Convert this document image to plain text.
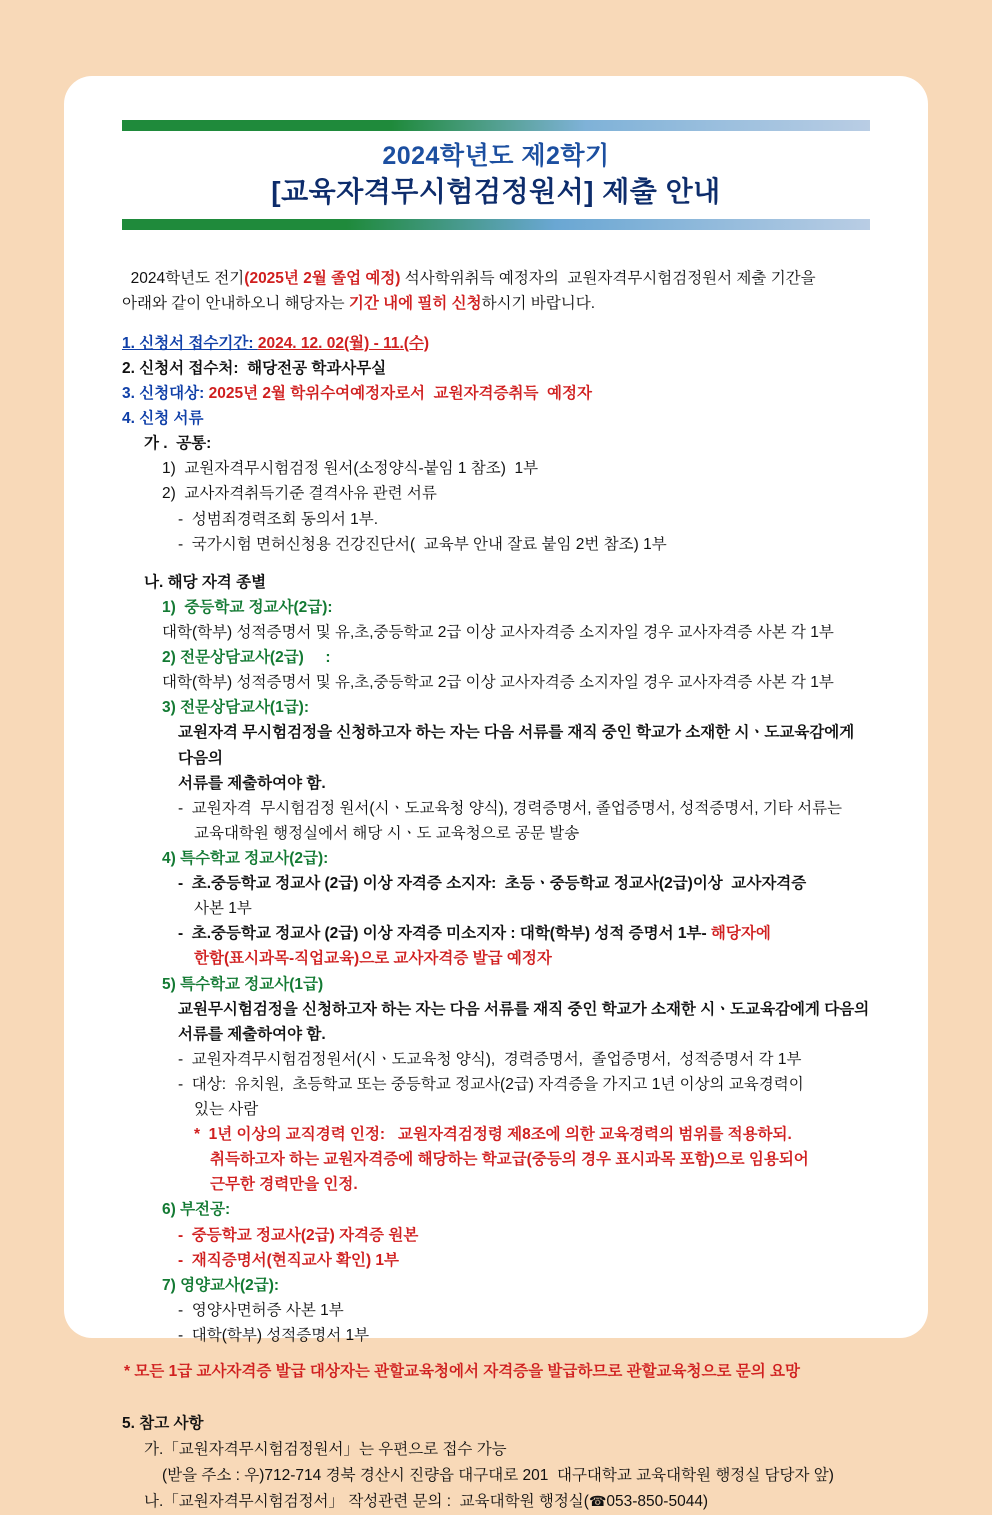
2024학년도 제2학기
[교육자격무시험검정원서] 제출 안내
2024학년도 전기(2025년 2월 졸업 예정) 석사학위취득 예정자의  교원자격무시험검정원서 제출 기간을
아래와 같이 안내하오니 해당자는 기간 내에 필히 신청하시기 바랍니다.
1. 신청서 접수기간: 2024. 12. 02(월) - 11.(수)
2. 신청서 접수처:  해당전공 학과사무실
3. 신청대상: 2025년 2월 학위수여예정자로서  교원자격증취득  예정자
4. 신청 서류
가 .  공통:
1)  교원자격무시험검정 원서(소정양식-붙임 1 참조)  1부
2)  교사자격취득기준 결격사유 관련 서류
-  성범죄경력조회 동의서 1부.
-  국가시험 면허신청용 건강진단서(  교육부 안내 잘료 붙임 2번 참조) 1부
나. 해당 자격 종별
1)  중등학교 정교사(2급):
대학(학부) 성적증명서 및 유,초,중등학교 2급 이상 교사자격증 소지자일 경우 교사자격증 사본 각 1부
2) 전문상담교사(2급)     :
대학(학부) 성적증명서 및 유,초,중등학교 2급 이상 교사자격증 소지자일 경우 교사자격증 사본 각 1부
3) 전문상담교사(1급):
교원자격 무시험검정을 신청하고자 하는 자는 다음 서류를 재직 중인 학교가 소재한 시ㆍ도교육감에게 다음의
서류를 제출하여야 함.
-  교원자격  무시험검정 원서(시ㆍ도교육청 양식), 경력증명서, 졸업증명서, 성적증명서, 기타 서류는
교육대학원 행정실에서 해당 시ㆍ도 교육청으로 공문 발송
4) 특수학교 정교사(2급):
-  초.중등학교 정교사 (2급) 이상 자격증 소지자:  초등ㆍ중등학교 정교사(2급)이상  교사자격증
사본 1부
-  초.중등학교 정교사 (2급) 이상 자격증 미소지자 : 대학(학부) 성적 증명서 1부- 해당자에
한함(표시과목-직업교육)으로 교사자격증 발급 예정자
5) 특수학교 정교사(1급)
교원무시험검정을 신청하고자 하는 자는 다음 서류를 재직 중인 학교가 소재한 시ㆍ도교육감에게 다음의
서류를 제출하여야 함.
-  교원자격무시험검정원서(시ㆍ도교육청 양식),  경력증명서,  졸업증명서,  성적증명서 각 1부
-  대상:  유치원,  초등학교 또는 중등학교 정교사(2급) 자격증을 가지고 1년 이상의 교육경력이
있는 사람
*  1년 이상의 교직경력 인정:   교원자격검정령 제8조에 의한 교육경력의 범위를 적용하되.
취득하고자 하는 교원자격증에 해당하는 학교급(중등의 경우 표시과목 포함)으로 임용되어
근무한 경력만을 인정.
6) 부전공:
-  중등학교 정교사(2급) 자격증 원본
-  재직증명서(현직교사 확인) 1부
7) 영양교사(2급):
-  영양사면허증 사본 1부
-  대학(학부) 성적증명서 1부
* 모든 1급 교사자격증 발급 대상자는 관할교육청에서 자격증을 발급하므로 관할교육청으로 문의 요망
5. 참고 사항
가.「교원자격무시험검정원서」는 우편으로 접수 가능
(받을 주소 : 우)712-714 경북 경산시 진량읍 대구대로 201  대구대학교 교육대학원 행정실 담당자 앞)
나.「교원자격무시험검정서」 작성관련 문의 :  교육대학원 행정실(☎053-850-5044)
